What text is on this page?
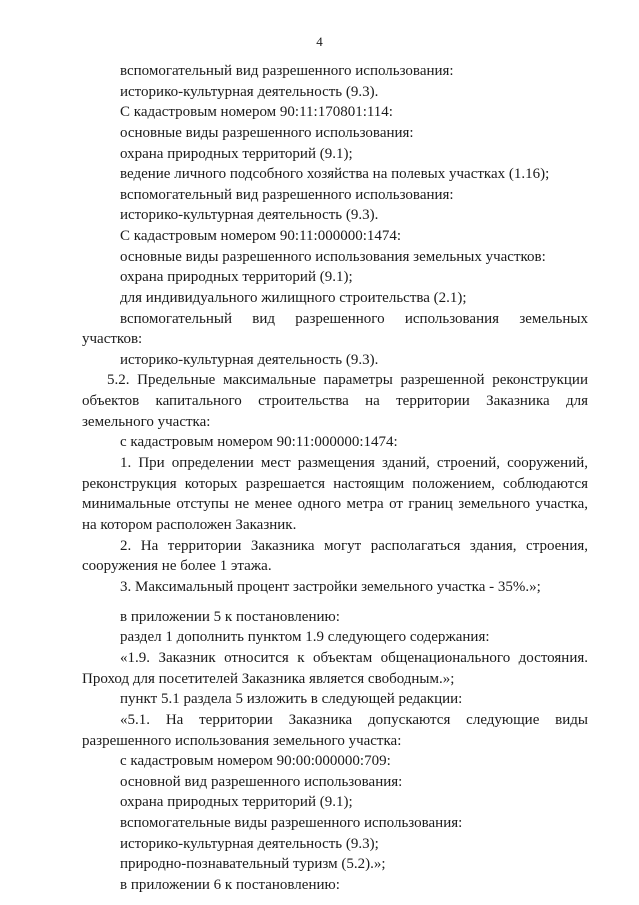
4
вспомогательный вид разрешенного использования:
историко-культурная деятельность (9.3).
С кадастровым номером 90:11:170801:114:
основные виды разрешенного использования:
охрана природных территорий (9.1);
ведение личного подсобного хозяйства на полевых участках (1.16);
вспомогательный вид разрешенного использования:
историко-культурная деятельность (9.3).
С кадастровым номером 90:11:000000:1474:
основные виды разрешенного использования земельных участков:
охрана природных территорий (9.1);
для индивидуального жилищного строительства (2.1);
вспомогательный вид разрешенного использования земельных
участков:
историко-культурная деятельность (9.3).
5.2. Предельные максимальные параметры разрешенной реконструкции
объектов капитального строительства на территории Заказника для
земельного участка:
с кадастровым номером 90:11:000000:1474:
1. При определении мест размещения зданий, строений, сооружений,
реконструкция которых разрешается настоящим положением, соблюдаются
минимальные отступы не менее одного метра от границ земельного участка,
на котором расположен Заказник.
2. На территории Заказника могут располагаться здания, строения,
сооружения не более 1 этажа.
3. Максимальный процент застройки земельного участка - 35%.»;
в приложении 5 к постановлению:
раздел 1 дополнить пунктом 1.9 следующего содержания:
«1.9. Заказник относится к объектам общенационального достояния.
Проход для посетителей Заказника является свободным.»;
пункт 5.1 раздела 5 изложить в следующей редакции:
«5.1. На территории Заказника допускаются следующие виды
разрешенного использования земельного участка:
с кадастровым номером 90:00:000000:709:
основной вид разрешенного использования:
охрана природных территорий (9.1);
вспомогательные виды разрешенного использования:
историко-культурная деятельность (9.3);
природно-познавательный туризм (5.2).»;
в приложении 6 к постановлению:
